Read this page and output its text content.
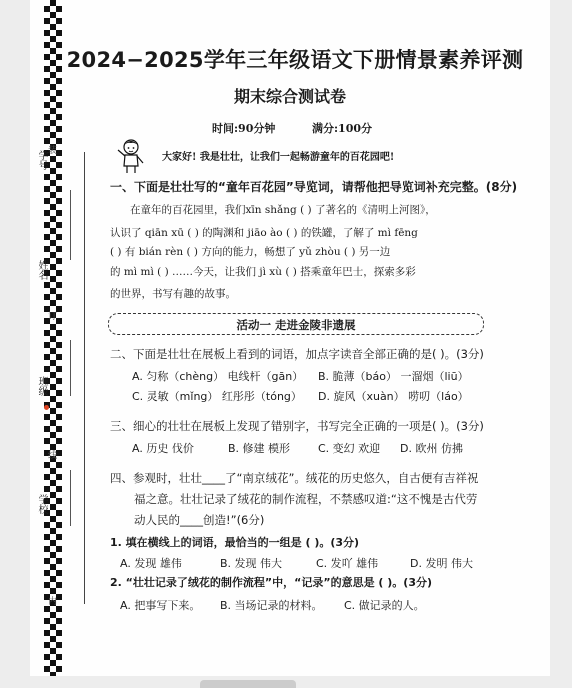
学校
班级
姓名
学号 装
订
线
内
2024−2025学年三年级语文下册情景素养评测
期末综合测试卷
时间:90分钟	满分:100分
大家好! 我是壮壮，让我们一起畅游童年的百花园吧!
一、下面是壮壮写的“童年百花园”导览词，请帮他把导览词补充完整。(8分)
在童年的百花园里，我们xīn shǎng ( ) 了著名的《清明上河图》，
认识了 qiān xū ( ) 的陶渊和 jiāo ào ( ) 的铁罐，了解了 mì fēng
( ) 有 bián rèn ( ) 方向的能力，畅想了 yǔ zhòu ( ) 另一边
的 mì mì ( ) ……今天，让我们 jì xù ( ) 搭乘童年巴士，探索多彩
的世界，书写有趣的故事。
活动一 走进金陵非遗展
二、下面是壮壮在展板上看到的词语，加点字读音全部正确的是( )。(3分)
A. 匀称（chèng） 电线杆（gān） B. 脆薄（báo） 一溜烟（liū）
C. 灵敏（mǐng） 红彤彤（tóng） D. 旋风（xuàn） 唠叨（láo）
三、细心的壮壮在展板上发现了错别字，书写完全正确的一项是( )。(3分)
A. 历史 伐价	B. 修建 模形	C. 变幻 欢迎 D. 欧州 仿拂
四、参观时，壮壮____了“南京绒花”。绒花的历史悠久，自古便有吉祥祝
福之意。壮壮记录了绒花的制作流程，不禁感叹道:“这不愧是古代劳
动人民的____创造!”(6分)
1. 填在横线上的词语，最恰当的一组是 ( )。(3分)
A. 发现 雄伟	B. 发现 伟大	C. 发吖 雄伟	D. 发明 伟大
2. “壮壮记录了绒花的制作流程”中，“记录”的意思是 ( )。(3分)
A. 把事写下来。 B. 当场记录的材料。 C. 做记录的人。
